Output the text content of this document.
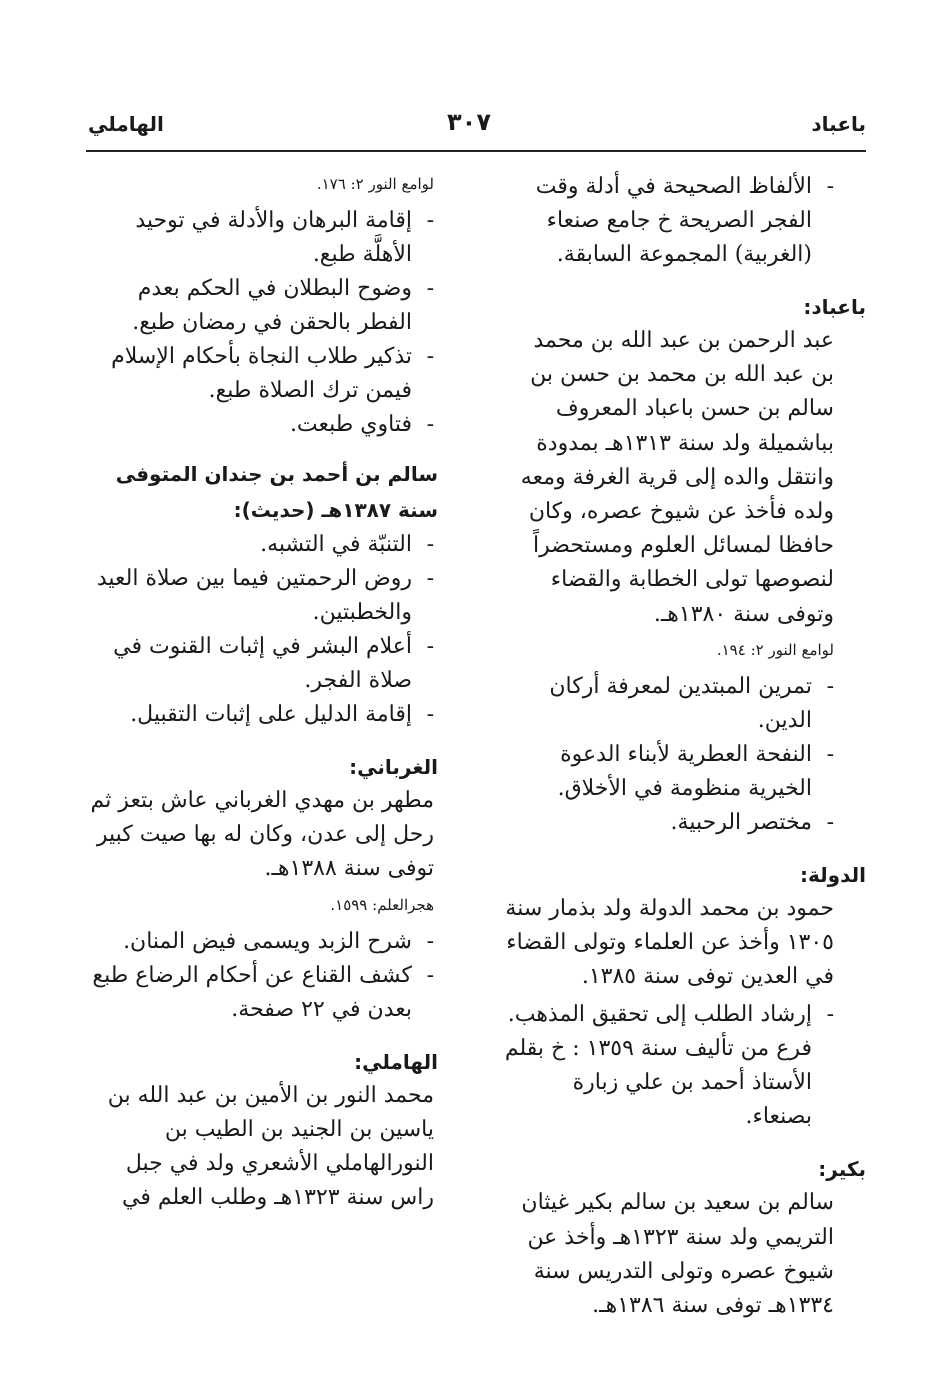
باعباد
٣٠٧
الهاملي
- الألفاظ الصحيحة في أدلة وقت الفجر الصريحة خ جامع صنعاء (الغربية) المجموعة السابقة.
باعباد:

عبد الرحمن بن عبد الله بن محمد بن عبد الله بن محمد بن حسن بن سالم بن حسن باعباد المعروف بباشميلة ولد سنة ١٣١٣هـ بمدودة وانتقل والده إلى قرية الغرفة ومعه ولده فأخذ عن شيوخ عصره، وكان حافظا لمسائل العلوم ومستحضراً لنصوصها تولى الخطابة والقضاء وتوفى سنة ١٣٨٠هـ.

لوامع النور ٢: ١٩٤.

- تمرين المبتدين لمعرفة أركان الدين.
- النفحة العطرية لأبناء الدعوة الخيرية منظومة في الأخلاق.
- مختصر الرحبية.
الدولة:

حمود بن محمد الدولة ولد بذمار سنة ١٣٠٥ وأخذ عن العلماء وتولى القضاء في العدين توفى سنة ١٣٨٥.

- إرشاد الطلب إلى تحقيق المذهب. فرع من تأليف سنة ١٣٥٩ : خ بقلم الأستاذ أحمد بن علي زبارة بصنعاء.
بكير:

سالم بن سعيد بن سالم بكير غيثان التريمي ولد سنة ١٣٢٣هـ وأخذ عن شيوخ عصره وتولى التدريس سنة ١٣٣٤هـ توفى سنة ١٣٨٦هـ.

لوامع النور ٢: ١٧٦.

- إقامة البرهان والأدلة في توحيد الأهلَّة طبع.
- وضوح البطلان في الحكم بعدم الفطر بالحقن في رمضان طبع.
- تذكير طلاب النجاة بأحكام الإسلام فيمن ترك الصلاة طبع.
- فتاوي طبعت.
سالم بن أحمد بن جندان المتوفى سنة ١٣٨٧هـ (حديث):
- التنبّة في التشبه.
- روض الرحمتين فيما بين صلاة العيد والخطبتين.
- أعلام البشر في إثبات القنوت في صلاة الفجر.
- إقامة الدليل على إثبات التقبيل.
الغرباني:

مطهر بن مهدي الغرباني عاش بتعز ثم رحل إلى عدن، وكان له بها صيت كبير توفى سنة ١٣٨٨هـ.

هجرالعلم: ١٥٩٩.

- شرح الزبد ويسمى فيض المنان.
- كشف القناع عن أحكام الرضاع طبع بعدن في ٢٢ صفحة.
الهاملي:

محمد النور بن الأمين بن عبد الله بن ياسين بن الجنيد بن الطيب بن النورالهاملي الأشعري ولد في جبل راس سنة ١٣٢٣هـ وطلب العلم في
